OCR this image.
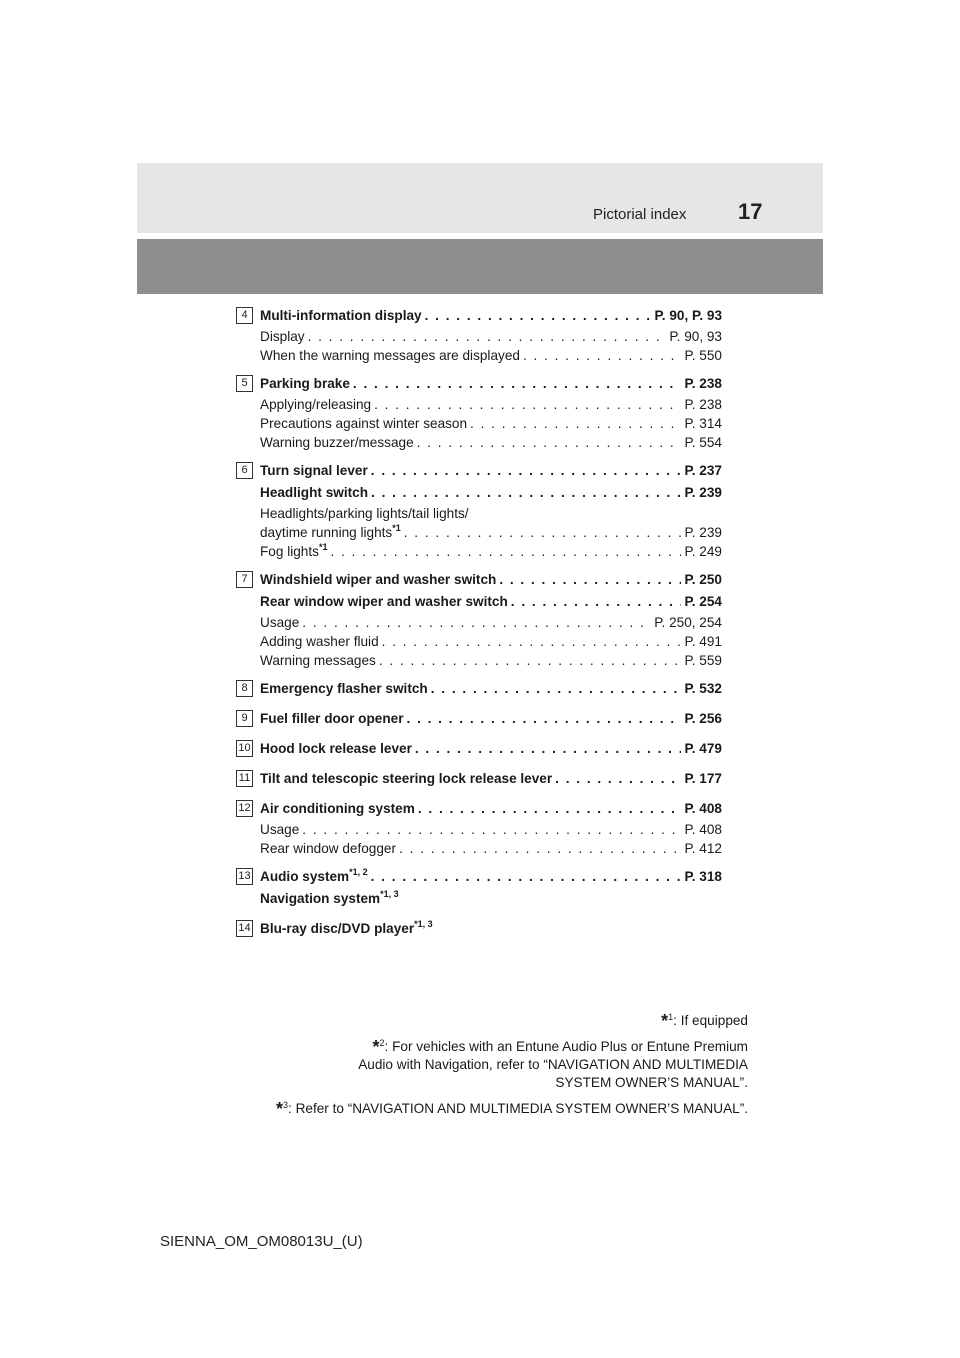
Pictorial index 17
4 Multi-information display . . .	P. 90, P. 93
Display . . .	P. 90, 93
When the warning messages are displayed . . .	P. 550
5 Parking brake . . .	P. 238
Applying/releasing . . .	P. 238
Precautions against winter season . . .	P. 314
Warning buzzer/message . . .	P. 554
6 Turn signal lever . . .	P. 237
Headlight switch . . .	P. 239
Headlights/parking lights/tail lights/
daytime running lights$^{*1}$ . . .	P. 239
Fog lights$^{*1}$ . . .	P. 249
7 Windshield wiper and washer switch . . .	P. 250
Rear window wiper and washer switch . . .	P. 254
Usage . . .	P. 250, 254
Adding washer fluid . . .	P. 491
Warning messages . . .	P. 559
8 Emergency flasher switch . . .	P. 532
9 Fuel filler door opener . . .	P. 256
10 Hood lock release lever . . .	P. 479
11 Tilt and telescopic steering lock release lever . . .	P. 177
12 Air conditioning system . . .	P. 408
Usage . . .	P. 408
Rear window defogger . . .	P. 412
13 Audio system$^{*1, 2}$ . . .	P. 318
Navigation system$^{*1, 3}$
14 Blu-ray disc/DVD player$^{*1, 3}$
*$^1$: If equipped
*$^2$: For vehicles with an Entune Audio Plus or Entune Premium Audio with Navigation, refer to “NAVIGATION AND MULTIMEDIA SYSTEM OWNER’S MANUAL”.
*$^3$: Refer to “NAVIGATION AND MULTIMEDIA SYSTEM OWNER’S MANUAL”.
SIENNA_OM_OM08013U_(U)
